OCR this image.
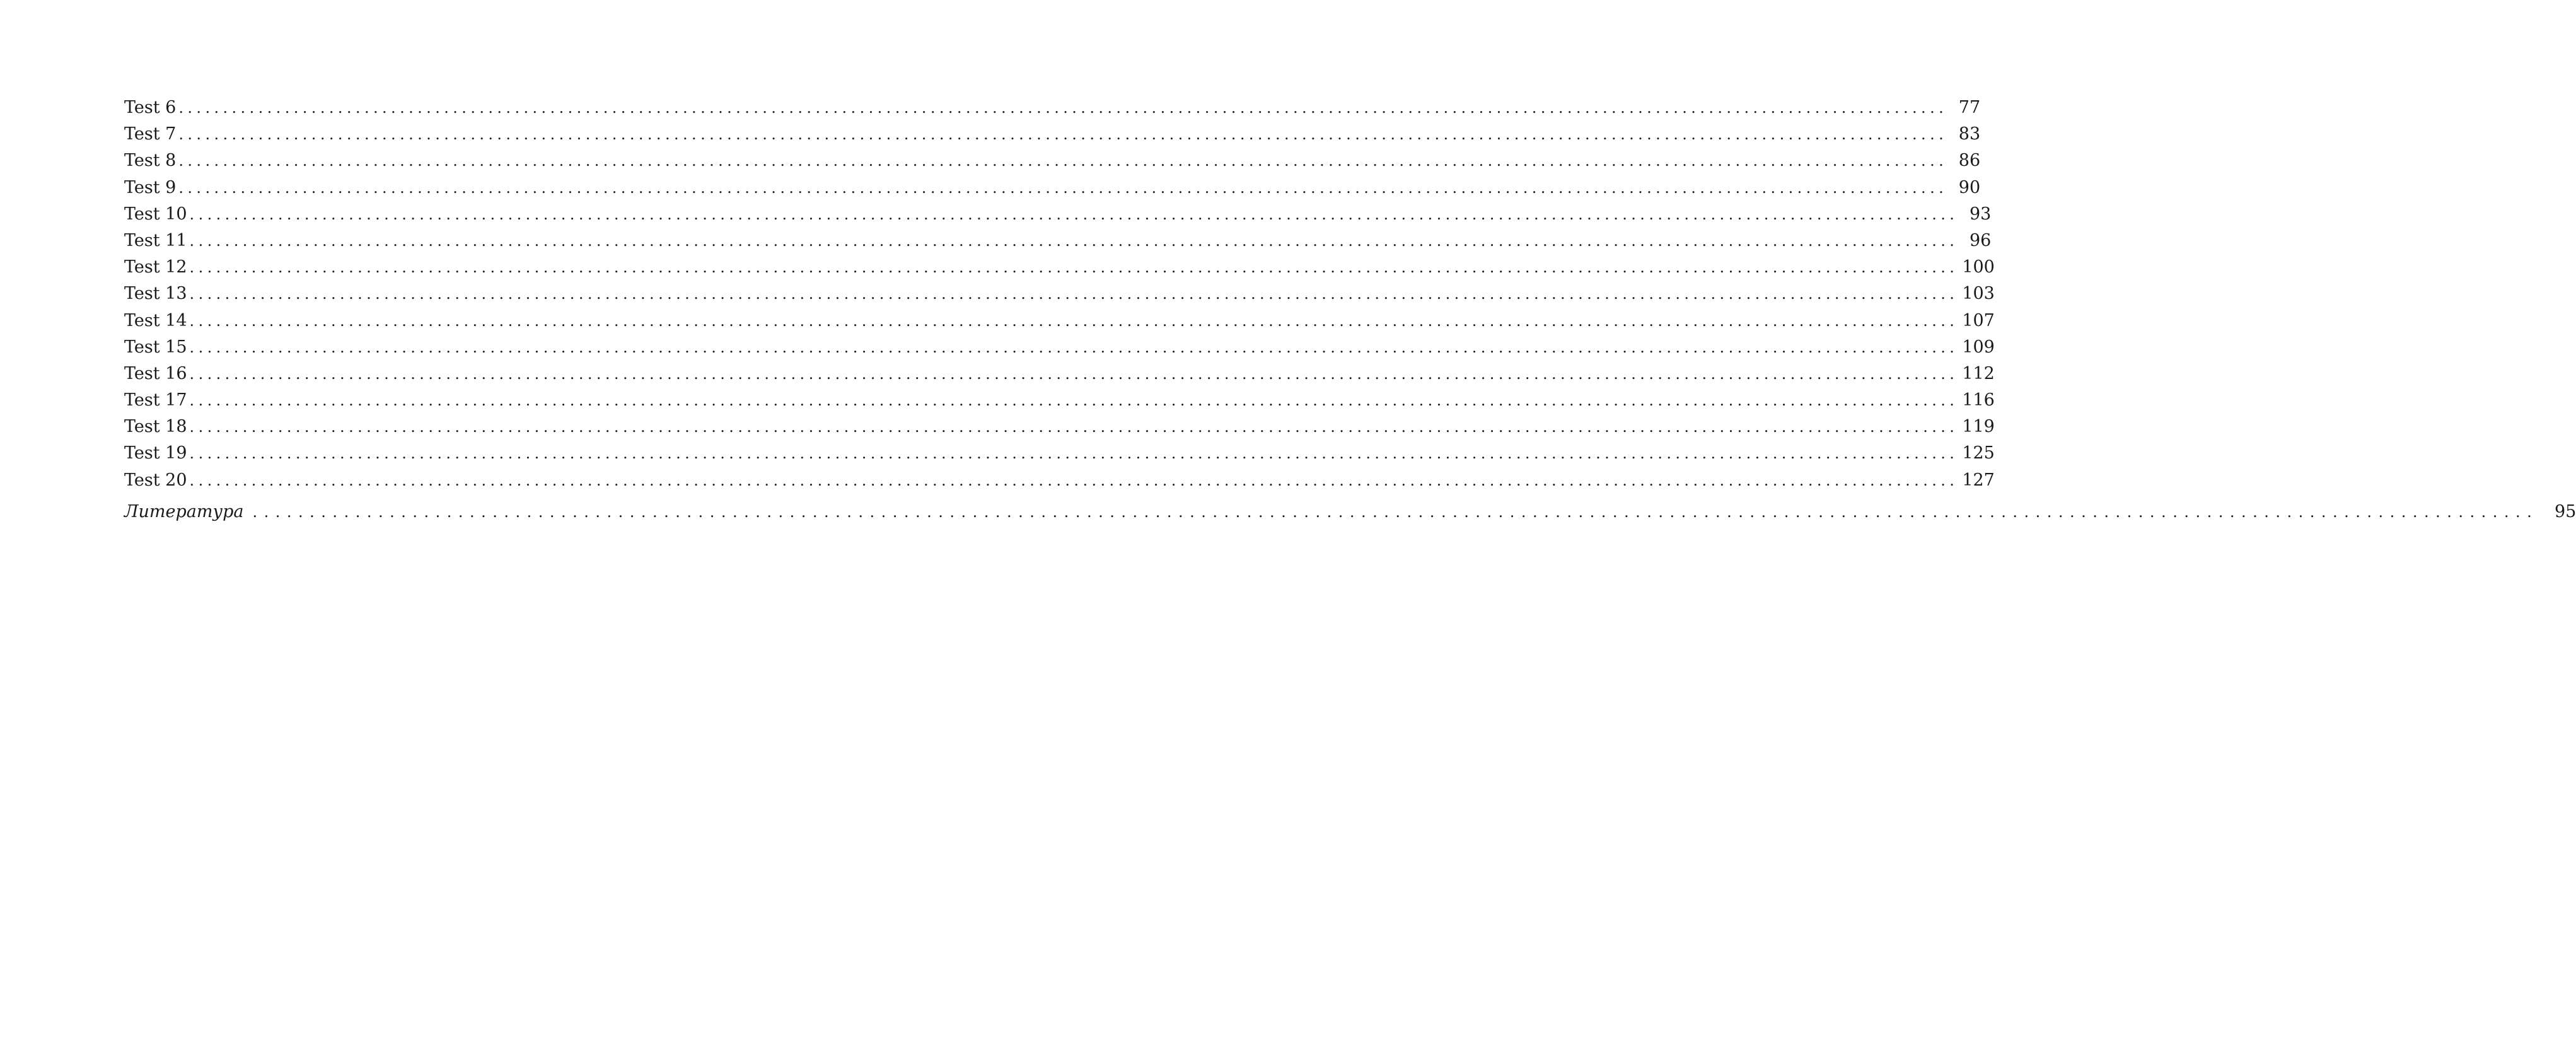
Test 6 ........................................................................................................................................................................................................ 77
Test 7 ........................................................................................................................................................................................................ 83
Test 8 ........................................................................................................................................................................................................ 86
Test 9 ........................................................................................................................................................................................................ 90
Test 10 ........................................................................................................................................................................................................ 93
Test 11 ........................................................................................................................................................................................................ 96
Test 12 ........................................................................................................................................................................................................ 100
Test 13 ........................................................................................................................................................................................................ 103
Test 14 ........................................................................................................................................................................................................ 107
Test 15 ........................................................................................................................................................................................................ 109
Test 16 ........................................................................................................................................................................................................ 112
Test 17 ........................................................................................................................................................................................................ 116
Test 18 ........................................................................................................................................................................................................ 119
Test 19 ........................................................................................................................................................................................................ 125
Test 20 ........................................................................................................................................................................................................ 127
Литература ........................................................................................................................................................................................................ 95
